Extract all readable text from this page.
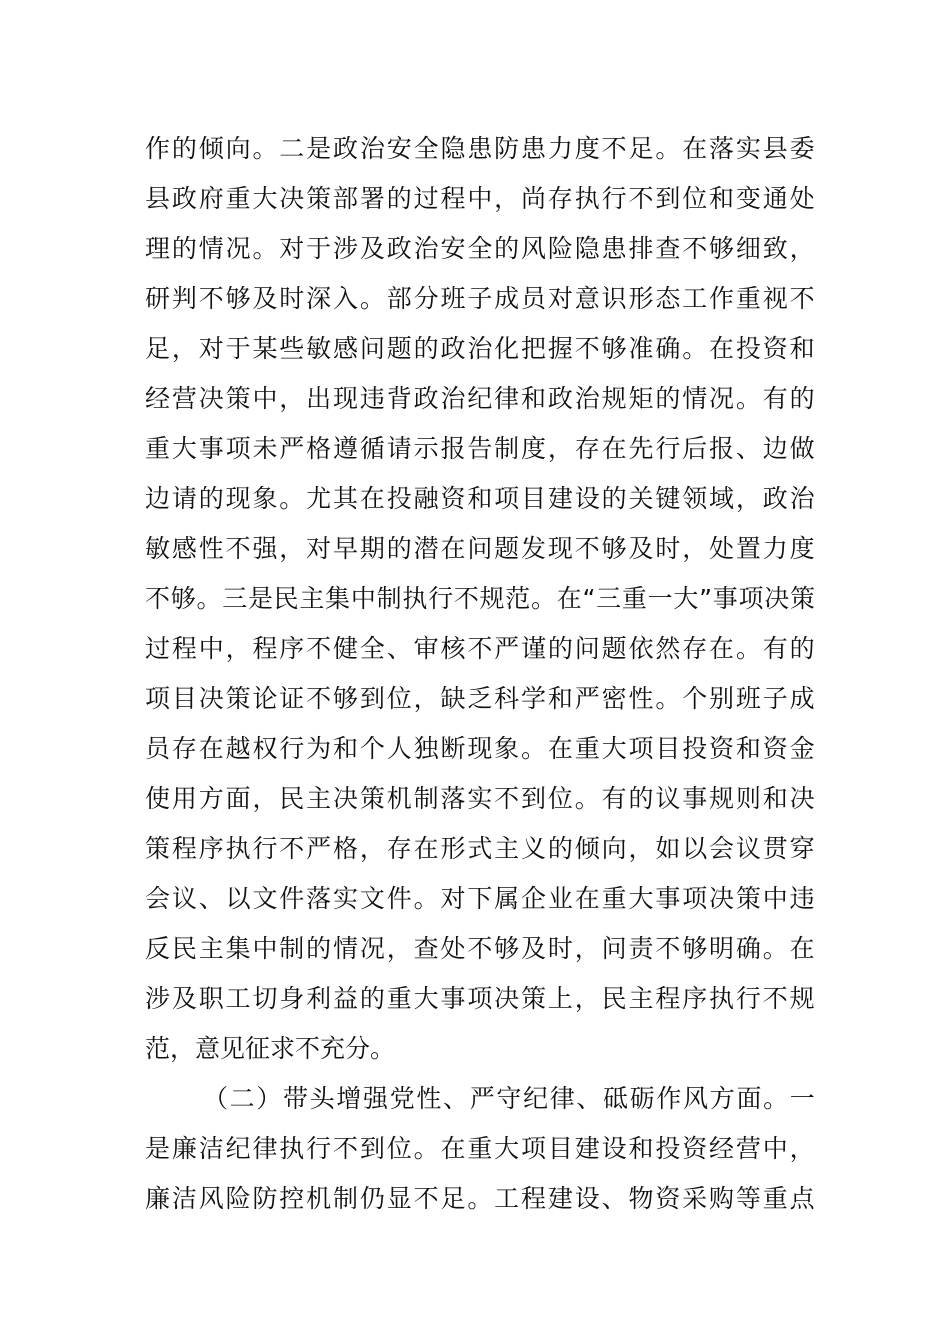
作 的 倾 向 。 二 是 政 治 安 全 隐 患 防 患 力 度 不 足 。 在 落 实 县 委
县 政 府 重 大 决 策 部 署 的 过 程 中 ， 尚 存 执 行 不 到 位 和 变 通 处
理 的 情 况 。 对 于 涉 及 政 治 安 全 的 风 险 隐 患 排 查 不 够 细 致 ，
研 判 不 够 及 时 深 入 。 部 分 班 子 成 员 对 意 识 形 态 工 作 重 视 不
足 ， 对 于 某 些 敏 感 问 题 的 政 治 化 把 握 不 够 准 确 。 在 投 资 和
经 营 决 策 中 ， 出 现 违 背 政 治 纪 律 和 政 治 规 矩 的 情 况 。 有 的
重 大 事 项 未 严 格 遵 循 请 示 报 告 制 度 ， 存 在 先 行 后 报 、 边 做
边 请 的 现 象 。 尤 其 在 投 融 资 和 项 目 建 设 的 关 键 领 域 ， 政 治
敏 感 性 不 强 ， 对 早 期 的 潜 在 问 题 发 现 不 够 及 时 ， 处 置 力 度
不 够 。 三 是 民 主 集 中 制 执 行 不 规 范 。 在 “ 三 重 一 大 ” 事 项 决 策
过 程 中 ， 程 序 不 健 全 、 审 核 不 严 谨 的 问 题 依 然 存 在 。 有 的
项 目 决 策 论 证 不 够 到 位 ， 缺 乏 科 学 和 严 密 性 。 个 别 班 子 成
员 存 在 越 权 行 为 和 个 人 独 断 现 象 。 在 重 大 项 目 投 资 和 资 金
使 用 方 面 ， 民 主 决 策 机 制 落 实 不 到 位 。 有 的 议 事 规 则 和 决
策 程 序 执 行 不 严 格 ， 存 在 形 式 主 义 的 倾 向 ， 如 以 会 议 贯 穿
会 议 、 以 文 件 落 实 文 件 。 对 下 属 企 业 在 重 大 事 项 决 策 中 违
反 民 主 集 中 制 的 情 况 ， 查 处 不 够 及 时 ， 问 责 不 够 明 确 。 在
涉 及 职 工 切 身 利 益 的 重 大 事 项 决 策 上 ， 民 主 程 序 执 行 不 规
范，意见征求不充分。
（ 二 ） 带 头 增 强 党 性 、 严 守 纪 律 、 砥 砺 作 风 方 面 。 一
是 廉 洁 纪 律 执 行 不 到 位 。 在 重 大 项 目 建 设 和 投 资 经 营 中 ，
廉 洁 风 险 防 控 机 制 仍 显 不 足 。 工 程 建 设 、 物 资 采 购 等 重 点
